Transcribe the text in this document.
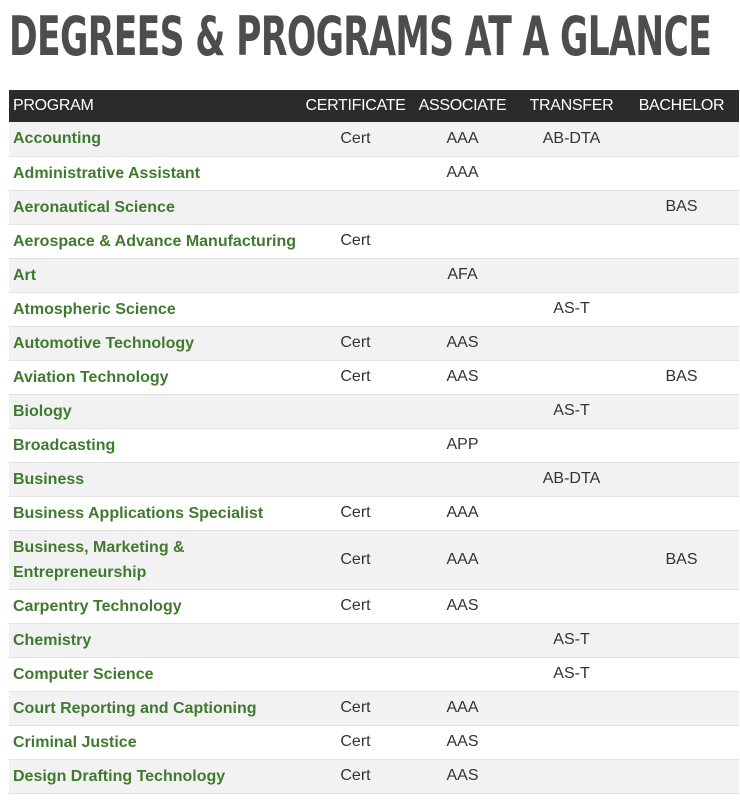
DEGREES & PROGRAMS AT A GLANCE
PROGRAM	CERTIFICATE	ASSOCIATE	TRANSFER	BACHELOR
Accounting	Cert	AAA	AB-DTA	
Administrative Assistant		AAA		
Aeronautical Science				BAS
Aerospace & Advance Manufacturing	Cert			
Art		AFA		
Atmospheric Science			AS-T	
Automotive Technology	Cert	AAS		
Aviation Technology	Cert	AAS		BAS
Biology			AS-T	
Broadcasting		APP		
Business			AB-DTA	
Business Applications Specialist	Cert	AAA		
Business, Marketing & Entrepreneurship	Cert	AAA		BAS
Carpentry Technology	Cert	AAS		
Chemistry			AS-T	
Computer Science			AS-T	
Court Reporting and Captioning	Cert	AAA		
Criminal Justice	Cert	AAS		
Design Drafting Technology	Cert	AAS		
